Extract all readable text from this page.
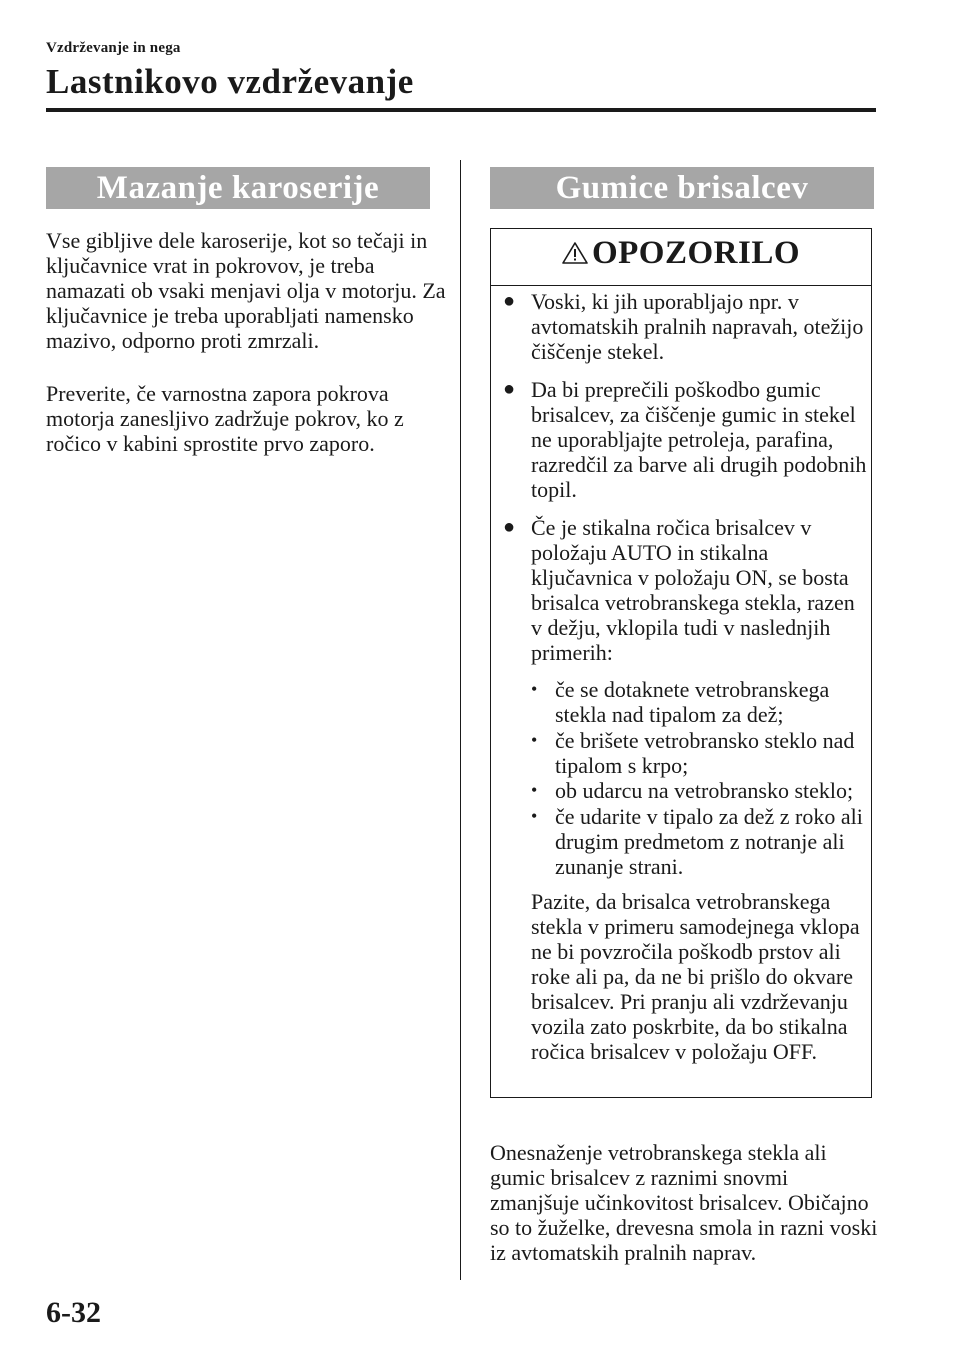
Vzdrževanje in nega
Lastnikovo vzdrževanje
Mazanje karoserije

Vse gibljive dele karoserije, kot so tečaji in ključavnice vrat in pokrovov, je treba namazati ob vsaki menjavi olja v motorju. Za ključavnice je treba uporabljati namensko mazivo, odporno proti zmrzali.

Preverite, če varnostna zapora pokrova motorja zanesljivo zadržuje pokrov, ko z ročico v kabini sprostite prvo zaporo.

Gumice brisalcev
OPOZORILO
● Voski, ki jih uporabljajo npr. v avtomatskih pralnih napravah, otežijo čiščenje stekel.
● Da bi preprečili poškodbo gumic brisalcev, za čiščenje gumic in stekel ne uporabljajte petroleja, parafina, razredčil za barve ali drugih podobnih topil.
● Če je stikalna ročica brisalcev v položaju AUTO in stikalna ključavnica v položaju ON, se bosta brisalca vetrobranskega stekla, razen v dežju, vklopila tudi v naslednjih primerih:
• če se dotaknete vetrobranskega stekla nad tipalom za dež;
• če brišete vetrobransko steklo nad tipalom s krpo;
• ob udarcu na vetrobransko steklo;
• če udarite v tipalo za dež z roko ali drugim predmetom z notranje ali zunanje strani.
Pazite, da brisalca vetrobranskega stekla v primeru samodejnega vklopa ne bi povzročila poškodb prstov ali roke ali pa, da ne bi prišlo do okvare brisalcev. Pri pranju ali vzdrževanju vozila zato poskrbite, da bo stikalna ročica brisalcev v položaju OFF.

Onesnaženje vetrobranskega stekla ali gumic brisalcev z raznimi snovmi zmanjšuje učinkovitost brisalcev. Običajno so to žuželke, drevesna smola in razni voski iz avtomatskih pralnih naprav.

6-32
